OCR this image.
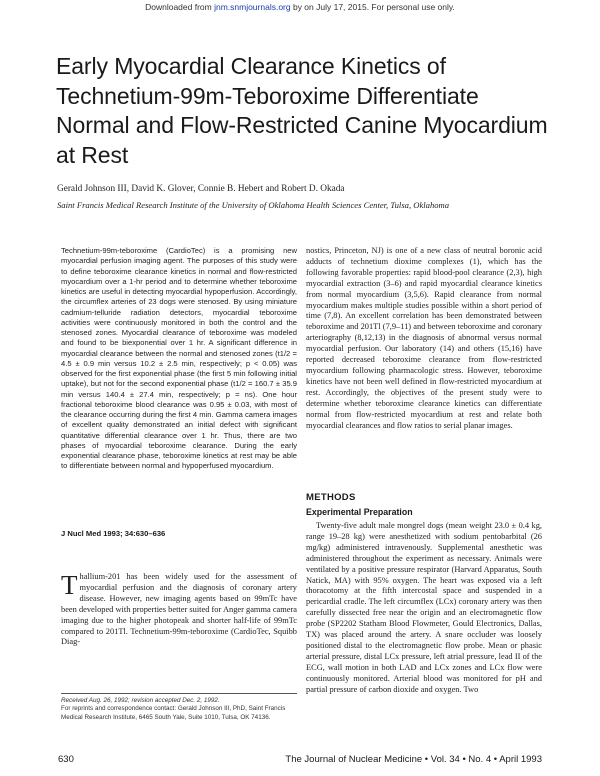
Downloaded from jnm.snmjournals.org by on July 17, 2015. For personal use only.
Early Myocardial Clearance Kinetics of Technetium-99m-Teboroxime Differentiate Normal and Flow-Restricted Canine Myocardium at Rest
Gerald Johnson III, David K. Glover, Connie B. Hebert and Robert D. Okada
Saint Francis Medical Research Institute of the University of Oklahoma Health Sciences Center, Tulsa, Oklahoma
Technetium-99m-teboroxime (CardioTec) is a promising new myocardial perfusion imaging agent. The purposes of this study were to define teboroxime clearance kinetics in normal and flow-restricted myocardium over a 1-hr period and to determine whether teboroxime kinetics are useful in detecting myocardial hypoperfusion. Accordingly, the circumflex arteries of 23 dogs were stenosed. By using miniature cadmium-telluride radiation detectors, myocardial teboroxime activities were continuously monitored in both the control and the stenosed zones. Myocardial clearance of teboroxime was modeled and found to be biexponential over 1 hr. A significant difference in myocardial clearance between the normal and stenosed zones (t1/2 = 4.5 ± 0.9 min versus 10.2 ± 2.5 min, respectively; p < 0.05) was observed for the first exponential phase (the first 5 min following initial uptake), but not for the second exponential phase (t1/2 = 160.7 ± 35.9 min versus 140.4 ± 27.4 min, respectively; p = ns). One hour fractional teboroxime blood clearance was 0.95 ± 0.03, with most of the clearance occurring during the first 4 min. Gamma camera images of excellent quality demonstrated an initial defect with significant quantitative differential clearance over 1 hr. Thus, there are two phases of myocardial teboroxime clearance. During the early exponential clearance phase, teboroxime kinetics at rest may be able to differentiate between normal and hypoperfused myocardium.
J Nucl Med 1993; 34:630–636
Thallium-201 has been widely used for the assessment of myocardial perfusion and the diagnosis of coronary artery disease. However, new imaging agents based on 99mTc have been developed with properties better suited for Anger gamma camera imaging due to the higher photopeak and shorter half-life of 99mTc compared to 201Tl. Technetium-99m-teboroxime (CardioTec, Squibb Diag-
Received Aug. 26, 1992; revision accepted Dec. 2, 1992.
For reprints and correspondence contact: Gerald Johnson III, PhD, Saint Francis Medical Research Institute, 6465 South Yale, Suite 1010, Tulsa, OK 74136.
nostics, Princeton, NJ) is one of a new class of neutral boronic acid adducts of technetium dioxime complexes (1), which has the following favorable properties: rapid blood-pool clearance (2,3), high myocardial extraction (3–6) and rapid myocardial clearance kinetics from normal myocardium (3,5,6). Rapid clearance from normal myocardium makes multiple studies possible within a short period of time (7,8). An excellent correlation has been demonstrated between teboroxime and 201Tl (7,9–11) and between teboroxime and coronary arteriography (8,12,13) in the diagnosis of abnormal versus normal myocardial perfusion. Our laboratory (14) and others (15,16) have reported decreased teboroxime clearance from flow-restricted myocardium following pharmacologic stress. However, teboroxime kinetics have not been well defined in flow-restricted myocardium at rest. Accordingly, the objectives of the present study were to determine whether teboroxime clearance kinetics can differentiate normal from flow-restricted myocardium at rest and relate both myocardial clearances and flow ratios to serial planar images.
METHODS
Experimental Preparation
Twenty-five adult male mongrel dogs (mean weight 23.0 ± 0.4 kg, range 19–28 kg) were anesthetized with sodium pentobarbital (26 mg/kg) administered intravenously. Supplemental anesthetic was administered throughout the experiment as necessary. Animals were ventilated by a positive pressure respirator (Harvard Apparatus, South Natick, MA) with 95% oxygen. The heart was exposed via a left thoracotomy at the fifth intercostal space and suspended in a pericardial cradle. The left circumflex (LCx) coronary artery was then carefully dissected free near the origin and an electromagnetic flow probe (SP2202 Statham Blood Flowmeter, Gould Electronics, Dallas, TX) was placed around the artery. A snare occluder was loosely positioned distal to the electromagnetic flow probe. Mean or phasic arterial pressure, distal LCx pressure, left atrial pressure, lead II of the ECG, wall motion in both LAD and LCx zones and LCx flow were continuously monitored. Arterial blood was monitored for pH and partial pressure of carbon dioxide and oxygen. Two
630	The Journal of Nuclear Medicine • Vol. 34 • No. 4 • April 1993
